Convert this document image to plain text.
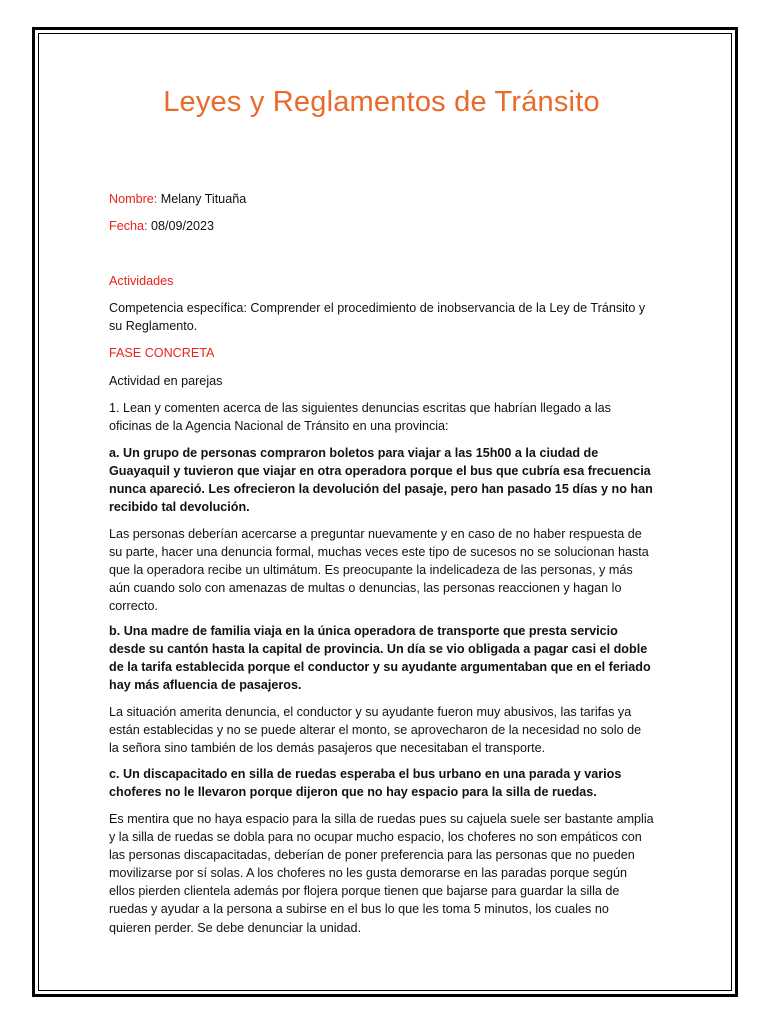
Leyes y Reglamentos de Tránsito
Nombre: Melany Tituaña
Fecha: 08/09/2023
Actividades

Competencia específica: Comprender el procedimiento de inobservancia de la Ley de Tránsito y su Reglamento.

FASE CONCRETA
Actividad en parejas

1. Lean y comenten acerca de las siguientes denuncias escritas que habrían llegado a las oficinas de la Agencia Nacional de Tránsito en una provincia:

a. Un grupo de personas compraron boletos para viajar a las 15h00 a la ciudad de Guayaquil y tuvieron que viajar en otra operadora porque el bus que cubría esa frecuencia nunca apareció. Les ofrecieron la devolución del pasaje, pero han pasado 15 días y no han recibido tal devolución.

Las personas deberían acercarse a preguntar nuevamente y en caso de no haber respuesta de su parte, hacer una denuncia formal, muchas veces este tipo de sucesos no se solucionan hasta que la operadora recibe un ultimátum. Es preocupante la indelicadeza de las personas, y más aún cuando solo con amenazas de multas o denuncias, las personas reaccionen y hagan lo correcto.

b. Una madre de familia viaja en la única operadora de transporte que presta servicio desde su cantón hasta la capital de provincia. Un día se vio obligada a pagar casi el doble de la tarifa establecida porque el conductor y su ayudante argumentaban que en el feriado hay más afluencia de pasajeros.

La situación amerita denuncia, el conductor y su ayudante fueron muy abusivos, las tarifas ya están establecidas y no se puede alterar el monto, se aprovecharon de la necesidad no solo de la señora sino también de los demás pasajeros que necesitaban el transporte.

c. Un discapacitado en silla de ruedas esperaba el bus urbano en una parada y varios choferes no le llevaron porque dijeron que no hay espacio para la silla de ruedas.

Es mentira que no haya espacio para la silla de ruedas pues su cajuela suele ser bastante amplia y la silla de ruedas se dobla para no ocupar mucho espacio, los choferes no son empáticos con las personas discapacitadas, deberían de poner preferencia para las personas que no pueden movilizarse por sí solas. A los choferes no les gusta demorarse en las paradas porque según ellos pierden clientela además por flojera porque tienen que bajarse para guardar la silla de ruedas y ayudar a la persona a subirse en el bus lo que les toma 5 minutos, los cuales no quieren perder. Se debe denunciar la unidad.
